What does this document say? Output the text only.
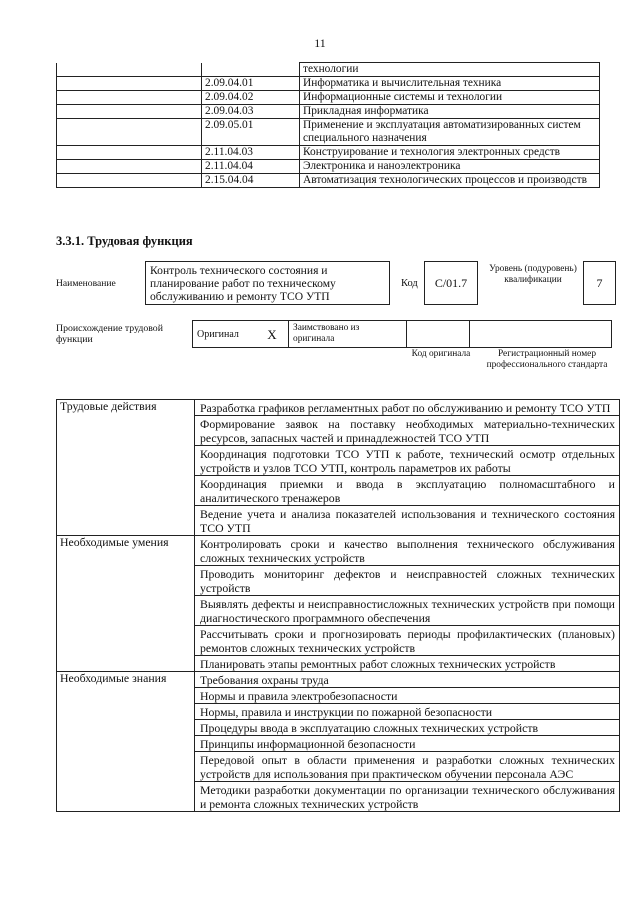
11
		технологии
	2.09.04.01	Информатика и вычислительная техника
	2.09.04.02	Информационные системы и технологии
	2.09.04.03	Прикладная информатика
	2.09.05.01	Применение и эксплуатация автоматизированных систем специального назначения
	2.11.04.03	Конструирование и технология электронных средств
	2.11.04.04	Электроника и наноэлектроника
	2.15.04.04	Автоматизация технологических процессов и производств
3.3.1. Трудовая функция
Наименование
Контроль технического состояния и планирование работ по техническому обслуживанию и ремонту ТСО УТП
Код	С/01.7
Уровень (подуровень) квалификации	7
Происхождение трудовой функции	Оригинал	X	Заимствовано из оригинала		
Код оригинала	Регистрационный номер профессионального стандарта
Трудовые действия	Разработка графиков регламентных работ по обслуживанию и ремонту ТСО УТП
	Формирование заявок на поставку необходимых материально-технических ресурсов, запасных частей и принадлежностей ТСО УТП
	Координация подготовки ТСО УТП к работе, технический осмотр отдельных устройств и узлов ТСО УТП, контроль параметров их работы
	Координация приемки и ввода в эксплуатацию полномасштабного и аналитического тренажеров
	Ведение учета и анализа показателей использования и технического состояния ТСО УТП
Необходимые умения	Контролировать сроки и качество выполнения технического обслуживания сложных технических устройств
	Проводить мониторинг дефектов и неисправностей сложных технических устройств
	Выявлять дефекты и неисправностисложных технических устройств при помощи диагностического программного обеспечения
	Рассчитывать сроки и прогнозировать периоды профилактических (плановых) ремонтов сложных технических устройств
	Планировать этапы ремонтных работ сложных технических устройств
Необходимые знания	Требования охраны труда
	Нормы и правила электробезопасности
	Нормы, правила и инструкции по пожарной безопасности
	Процедуры ввода в эксплуатацию сложных технических устройств
	Принципы информационной безопасности
	Передовой опыт в области применения и разработки сложных технических устройств для использования при практическом обучении персонала АЭС
	Методики разработки документации по организации технического обслуживания и ремонта сложных технических устройств
